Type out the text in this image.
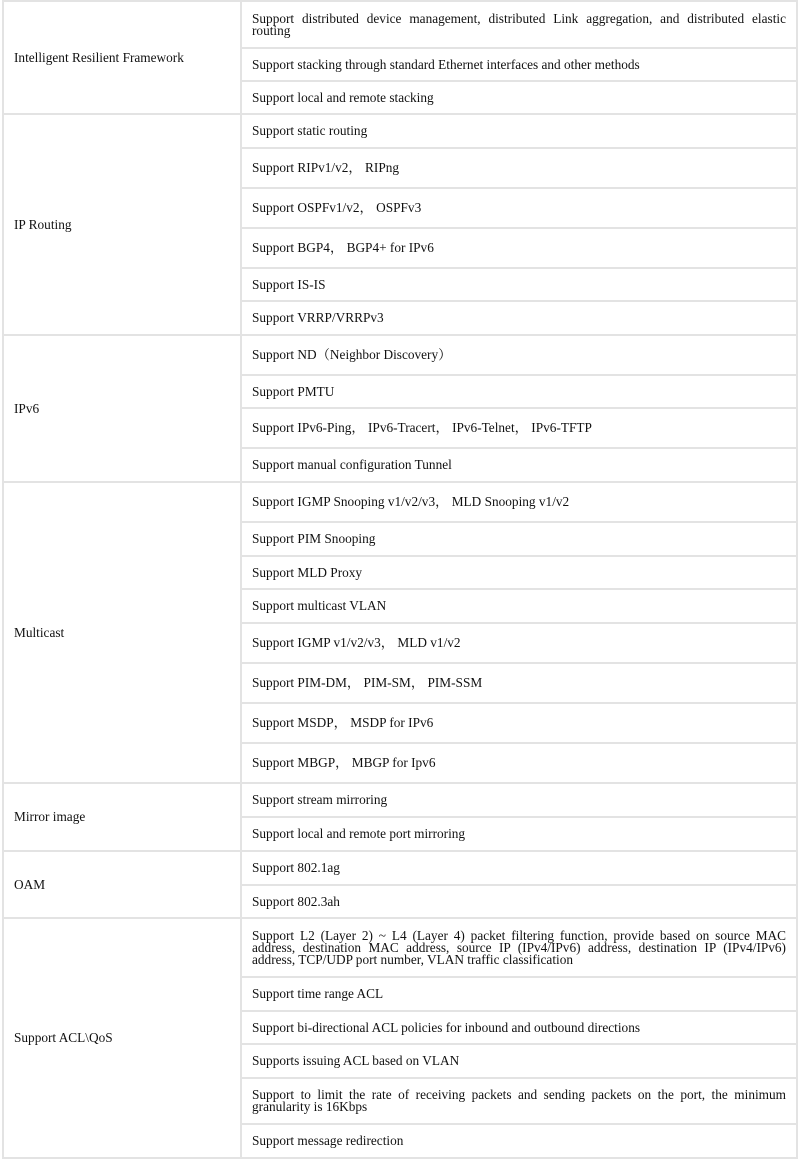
Intelligent Resilient Framework	Support distributed device management, distributed Link aggregation, and distributed elastic routing

	Support stacking through standard Ethernet interfaces and other methods

	Support local and remote stacking

IP Routing	Support static routing

	Support RIPv1/v2， RIPng

	Support OSPFv1/v2， OSPFv3

	Support BGP4， BGP4+ for IPv6

	Support IS-IS

	Support VRRP/VRRPv3

IPv6	Support ND（Neighbor Discovery）

	Support PMTU

	Support IPv6-Ping， IPv6-Tracert， IPv6-Telnet， IPv6-TFTP

	Support manual configuration Tunnel

Multicast	Support IGMP Snooping v1/v2/v3， MLD Snooping v1/v2

	Support PIM Snooping

	Support MLD Proxy

	Support multicast VLAN

	Support IGMP v1/v2/v3， MLD v1/v2

	Support PIM-DM， PIM-SM， PIM-SSM

	Support MSDP， MSDP for IPv6

	Support MBGP， MBGP for Ipv6

Mirror image	Support stream mirroring

	Support local and remote port mirroring

OAM	Support 802.1ag

	Support 802.3ah

Support ACL\QoS	Support L2 (Layer 2) ~ L4 (Layer 4) packet filtering function, provide based on source MAC address, destination MAC address, source IP (IPv4/IPv6) address, destination IP (IPv4/IPv6) address, TCP/UDP port number, VLAN traffic classification

	Support time range ACL

	Support bi-directional ACL policies for inbound and outbound directions

	Supports issuing ACL based on VLAN

	Support to limit the rate of receiving packets and sending packets on the port, the minimum granularity is 16Kbps

	Support message redirection
